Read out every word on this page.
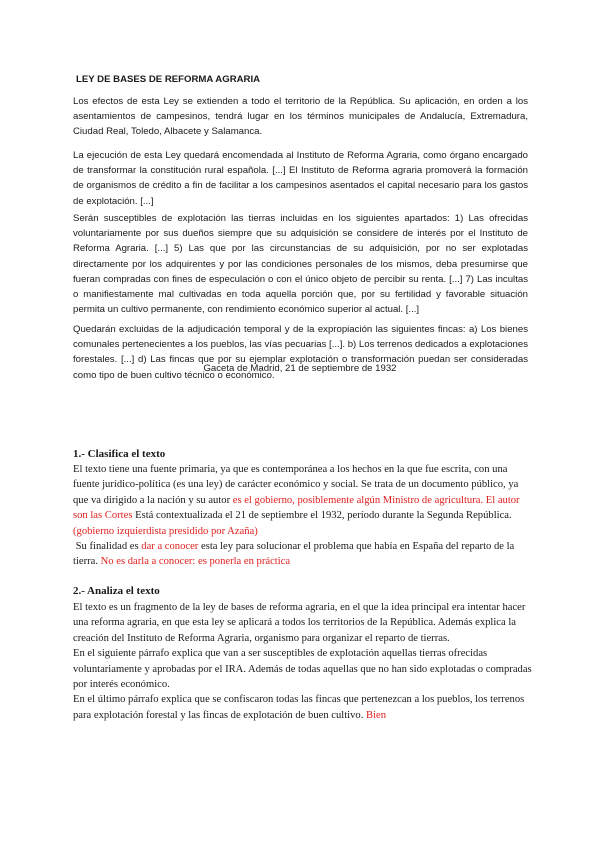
LEY DE BASES DE REFORMA AGRARIA

Los efectos de esta Ley se extienden a todo el territorio de la República. Su aplicación, en orden a los asentamientos de campesinos, tendrá lugar en los términos municipales de Andalucía, Extremadura, Ciudad Real, Toledo, Albacete y Salamanca.

La ejecución de esta Ley quedará encomendada al Instituto de Reforma Agraria, como órgano encargado de transformar la constitución rural española. [...] El Instituto de Reforma agraria promoverá la formación de organismos de crédito a fin de facilitar a los campesinos asentados el capital necesario para los gastos de explotación. [...]

Serán susceptibles de explotación las tierras incluidas en los siguientes apartados: 1) Las ofrecidas voluntariamente por sus dueños siempre que su adquisición se considere de interés por el Instituto de Reforma Agraria. [...] 5) Las que por las circunstancias de su adquisición, por no ser explotadas directamente por los adquirentes y por las condiciones personales de los mismos, deba presumirse que fueran compradas con fines de especulación o con el único objeto de percibir su renta. [...] 7) Las incultas o manifiestamente mal cultivadas en toda aquella porción que, por su fertilidad y favorable situación permita un cultivo permanente, con rendimiento económico superior al actual. [...]

Quedarán excluidas de la adjudicación temporal y de la expropiación las siguientes fincas: a) Los bienes comunales pertenecientes a los pueblos, las vías pecuarias [...]. b) Los terrenos dedicados a explotaciones forestales. [...] d) Las fincas que por su ejemplar explotación o transformación puedan ser consideradas como tipo de buen cultivo técnico o económico.

Gaceta de Madrid, 21 de septiembre de 1932
1.- Clasifica el texto

El texto tiene una fuente primaria, ya que es contemporánea a los hechos en la que fue escrita, con una fuente jurídico-política (es una ley) de carácter económico y social. Se trata de un documento público, ya que va dirigido a la nación y su autor es el gobierno, posiblemente algún Ministro de agricultura. El autor son las Cortes Está contextualizada el 21 de septiembre el 1932, período durante la Segunda República. (gobierno izquierdista presidido por Azaña)
Su finalidad es dar a conocer esta ley para solucionar el problema que había en España del reparto de la tierra. No es darla a conocer: es ponerla en práctica

2.- Analiza el texto

El texto es un fragmento de la ley de bases de reforma agraria, en el que la idea principal era intentar hacer una reforma agraria, en que esta ley se aplicará a todos los territorios de la República. Además explica la creación del Instituto de Reforma Agraria, organismo para organizar el reparto de tierras.
En el siguiente párrafo explica que van a ser susceptibles de explotación aquellas tierras ofrecidas voluntariamente y aprobadas por el IRA. Además de todas aquellas que no han sido explotadas o compradas por interés económico.
En el último párrafo explica que se confiscaron todas las fincas que pertenezcan a los pueblos, los terrenos para explotación forestal y las fincas de explotación de buen cultivo. Bien
